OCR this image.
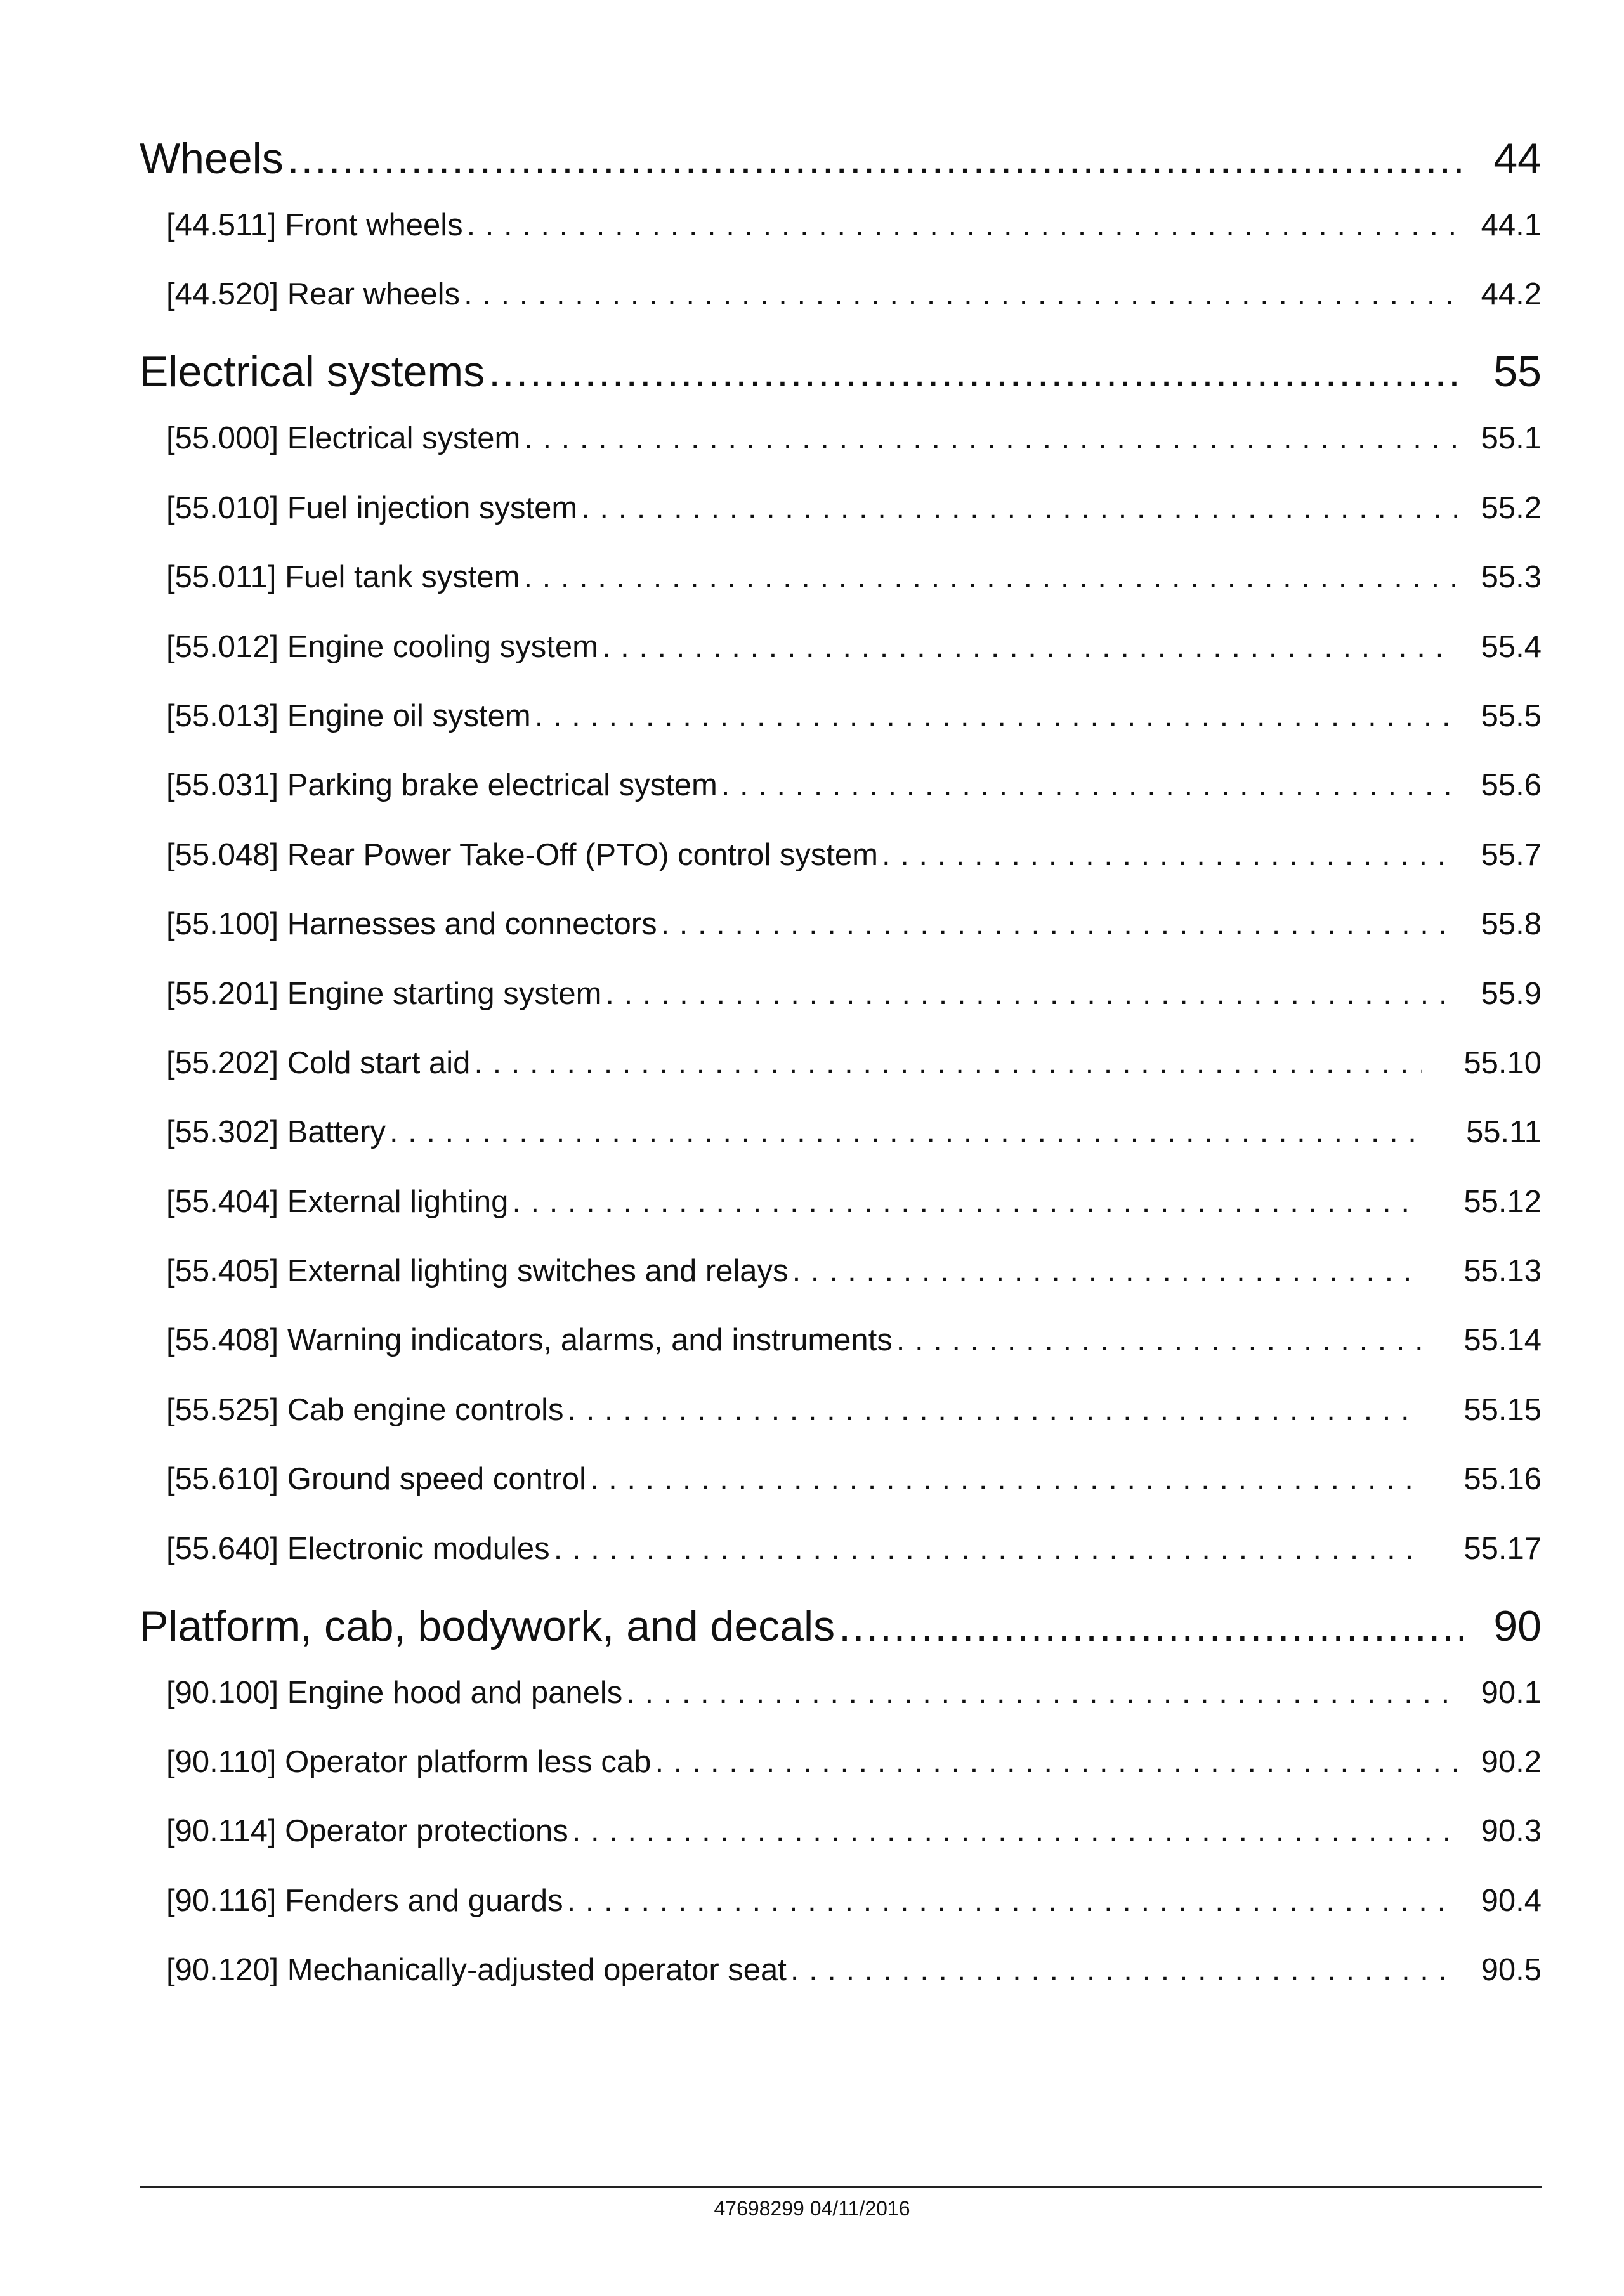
Wheels .....	44
[44.511] Front wheels . . .	44.1
[44.520] Rear wheels . . .	44.2
Electrical systems .....	55
[55.000] Electrical system . . .	55.1
[55.010] Fuel injection system . . .	55.2
[55.011] Fuel tank system . . .	55.3
[55.012] Engine cooling system . . .	55.4
[55.013] Engine oil system . . .	55.5
[55.031] Parking brake electrical system . . .	55.6
[55.048] Rear Power Take-Off (PTO) control system . . .	55.7
[55.100] Harnesses and connectors . . .	55.8
[55.201] Engine starting system . . .	55.9
[55.202] Cold start aid . . .	55.10
[55.302] Battery . . .	55.11
[55.404] External lighting . . .	55.12
[55.405] External lighting switches and relays . . .	55.13
[55.408] Warning indicators, alarms, and instruments . . .	55.14
[55.525] Cab engine controls . . .	55.15
[55.610] Ground speed control . . .	55.16
[55.640] Electronic modules . . .	55.17
Platform, cab, bodywork, and decals .....	90
[90.100] Engine hood and panels . . .	90.1
[90.110] Operator platform less cab . . .	90.2
[90.114] Operator protections . . .	90.3
[90.116] Fenders and guards . . .	90.4
[90.120] Mechanically-adjusted operator seat . . .	90.5
47698299 04/11/2016
